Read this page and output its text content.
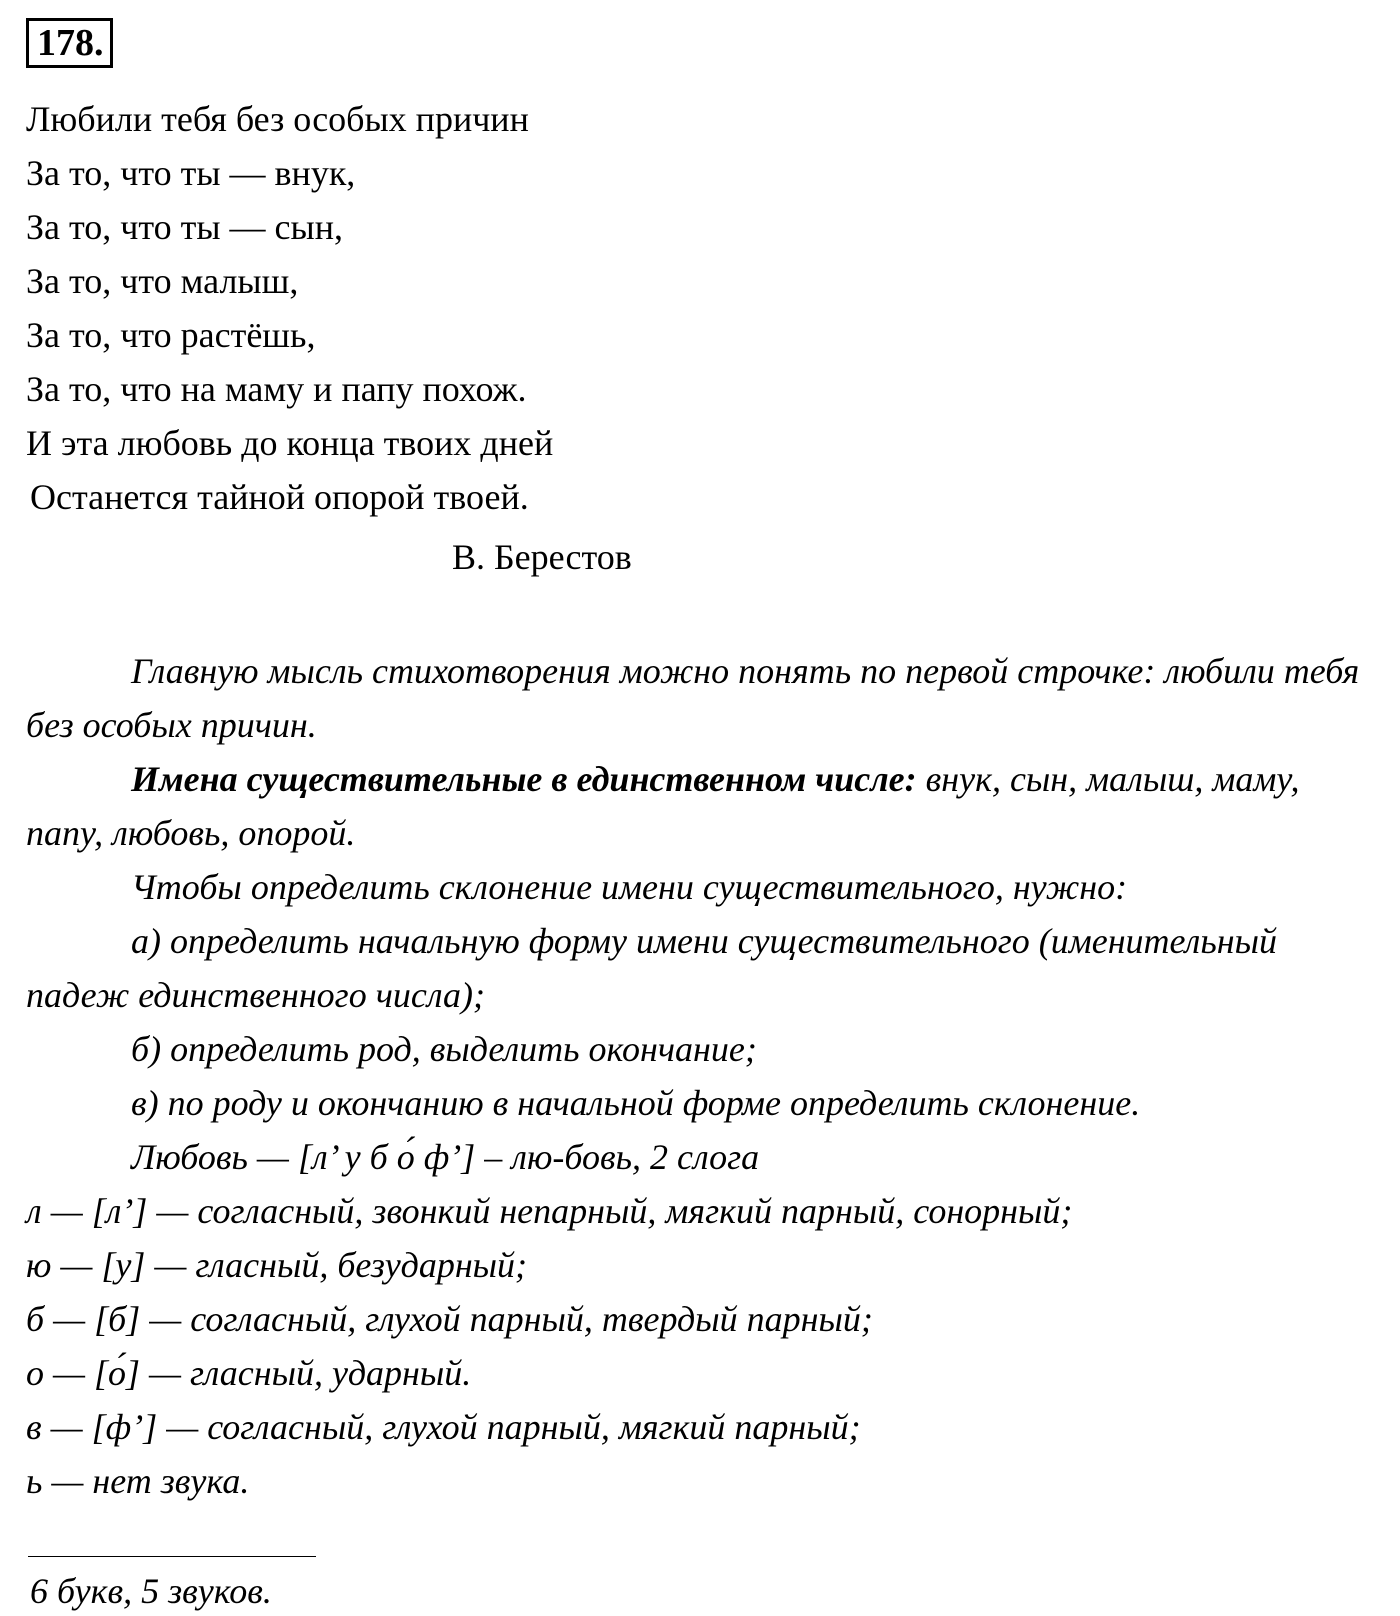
178.
Любили тебя без особых причин
За то, что ты — внук,
За то, что ты — сын,
За то, что малыш,
За то, что растёшь,
За то, что на маму и папу похож.
И эта любовь до конца твоих дней
Останется тайной опорой твоей.
В. Берестов

Главную мысль стихотворения можно понять по первой строчке: любили тебя без особых причин.

Имена существительные в единственном числе: внук, сын, малыш, маму, папу, любовь, опорой.

Чтобы определить склонение имени существительного, нужно:

а) определить начальную форму имени существительного (именительный падеж единственного числа);

б) определить род, выделить окончание;

в) по роду и окончанию в начальной форме определить склонение.

Любовь — [л’ у б о́ ф’] – лю-бовь, 2 слога

л — [л’] — согласный, звонкий непарный, мягкий парный, сонорный;

ю — [у] — гласный, безударный;

б — [б] — согласный, глухой парный, твердый парный;

о — [о́] — гласный, ударный.

в — [ф’] — согласный, глухой парный, мягкий парный;

ь — нет звука.

6 букв, 5 звуков.
